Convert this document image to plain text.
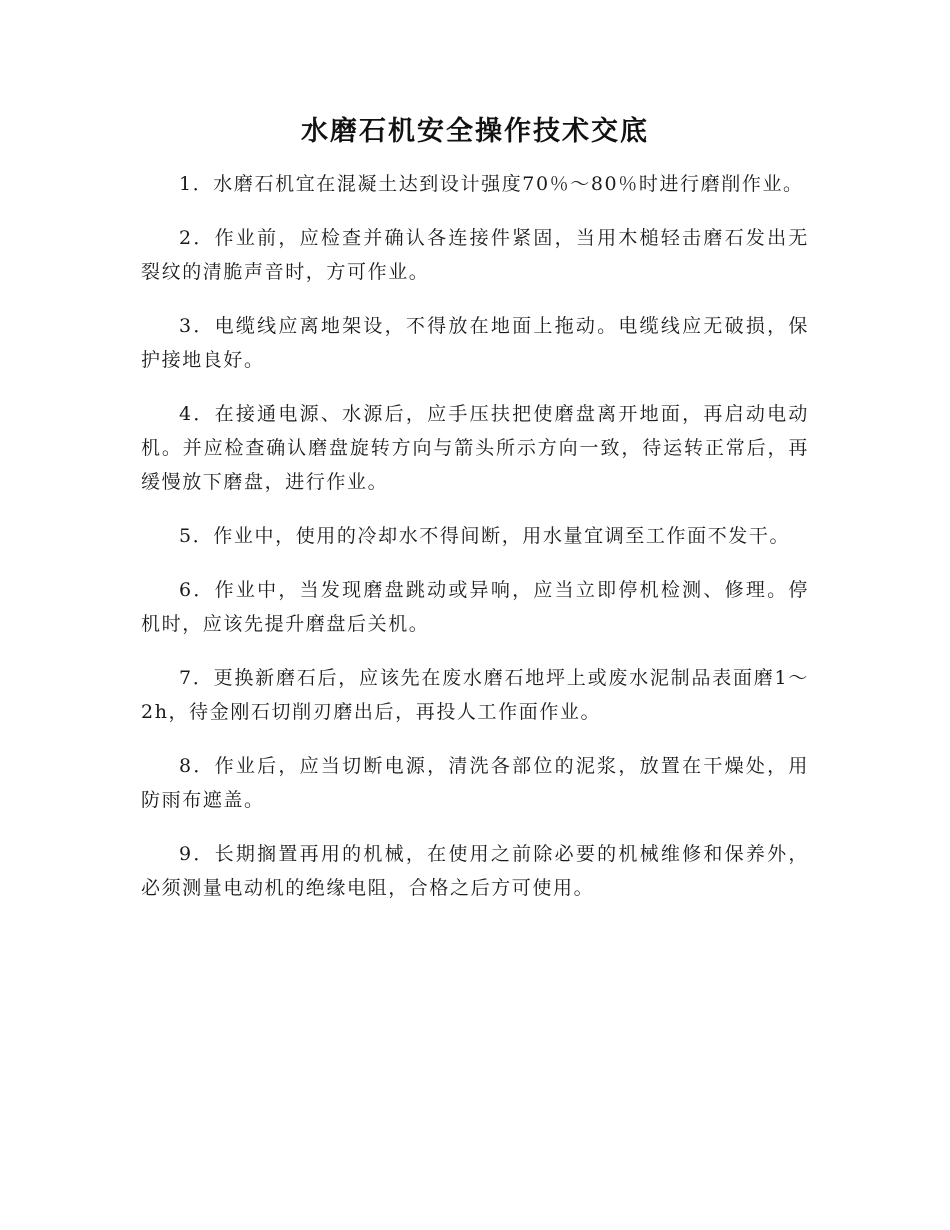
水磨石机安全操作技术交底

1．水磨石机宜在混凝土达到设计强度70％～80％时进行磨削作业。

2．作业前，应检查并确认各连接件紧固，当用木槌轻击磨石发出无裂纹的清脆声音时，方可作业。

3．电缆线应离地架设，不得放在地面上拖动。电缆线应无破损，保护接地良好。

4．在接通电源、水源后，应手压扶把使磨盘离开地面，再启动电动机。并应检查确认磨盘旋转方向与箭头所示方向一致，待运转正常后，再缓慢放下磨盘，进行作业。

5．作业中，使用的冷却水不得间断，用水量宜调至工作面不发干。

6．作业中，当发现磨盘跳动或异响，应当立即停机检测、修理。停机时，应该先提升磨盘后关机。

7．更换新磨石后，应该先在废水磨石地坪上或废水泥制品表面磨1～2h，待金刚石切削刃磨出后，再投人工作面作业。

8．作业后，应当切断电源，清洗各部位的泥浆，放置在干燥处，用防雨布遮盖。

9．长期搁置再用的机械，在使用之前除必要的机械维修和保养外，必须测量电动机的绝缘电阻，合格之后方可使用。
